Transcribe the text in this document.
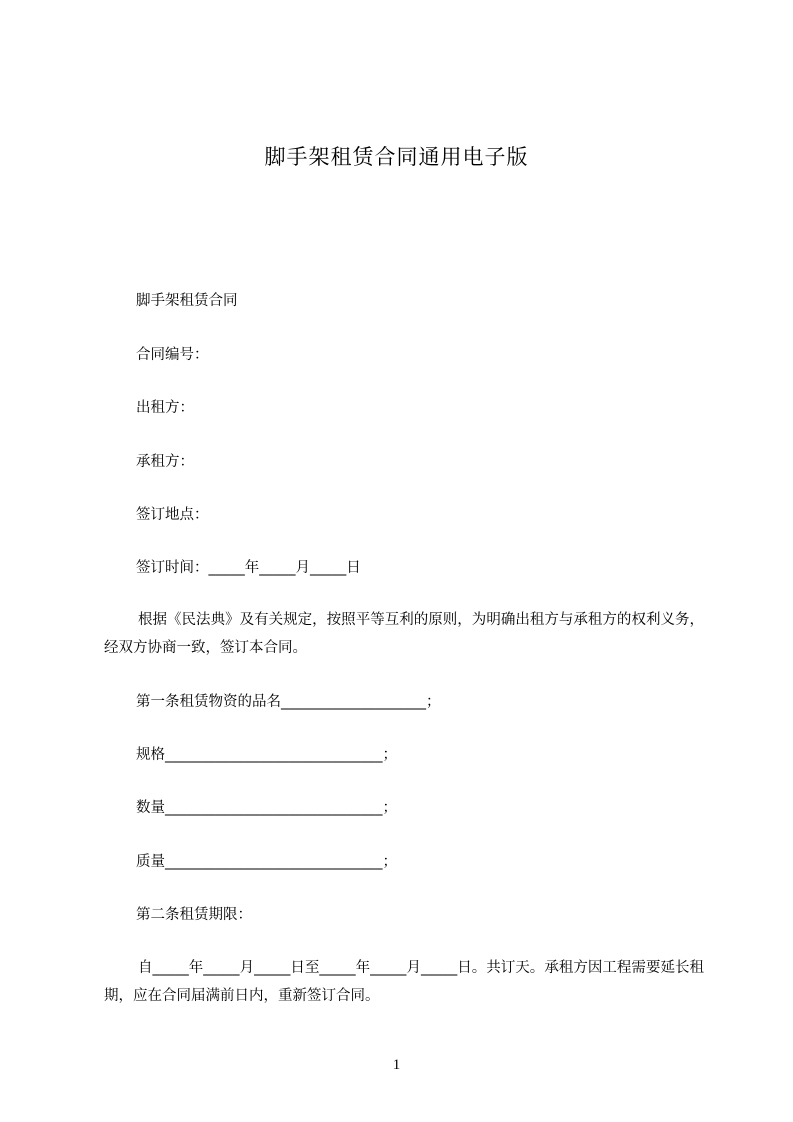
脚手架租赁合同通用电子版
脚手架租赁合同
合同编号：
出租方：
承租方：
签订地点：
签订时间：_____年_____月_____日
根据《民法典》及有关规定，按照平等互利的原则，为明确出租方与承租方的权利义务，经双方协商一致，签订本合同。
第一条租赁物资的品名____________________；
规格______________________________；
数量______________________________；
质量______________________________；
第二条租赁期限：
自_____年_____月_____日至_____年_____月_____日。共订天。承租方因工程需要延长租期，应在合同届满前日内，重新签订合同。
1
